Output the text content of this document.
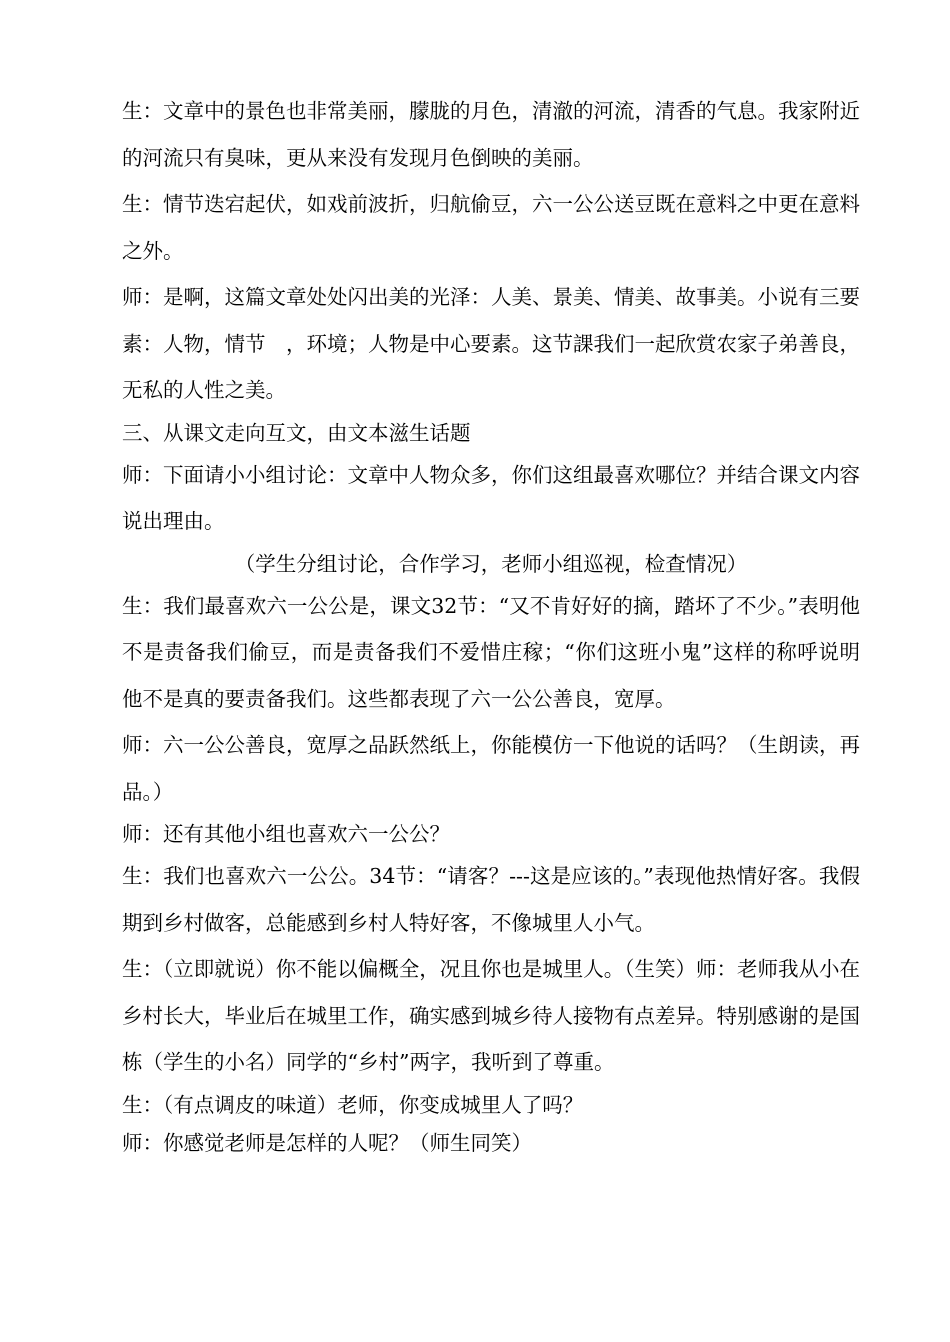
生：文章中的景色也非常美丽，朦胧的月色，清澈的河流，清香的气息。我家附近的河流只有臭味，更从来没有发现月色倒映的美丽。

生：情节迭宕起伏，如戏前波折，归航偷豆，六一公公送豆既在意料之中更在意料之外。

师：是啊，这篇文章处处闪出美的光泽：人美、景美、情美、故事美。小说有三要素：人物，情节　，环境；人物是中心要素。这节課我们一起欣赏农家子弟善良，无私的人性之美。

三、从课文走向互文，由文本滋生话题

师：下面请小小组讨论：文章中人物众多，你们这组最喜欢哪位？并结合课文内容说出理由。

（学生分组讨论，合作学习，老师小组巡视，检查情况）

生：我们最喜欢六一公公是，课文32节：“又不肯好好的摘，踏坏了不少。”表明他不是责备我们偷豆，而是责备我们不爱惜庄稼；“你们这班小鬼”这样的称呼说明他不是真的要责备我们。这些都表现了六一公公善良，宽厚。

师：六一公公善良，宽厚之品跃然纸上，你能模仿一下他说的话吗？（生朗读，再品。）

师：还有其他小组也喜欢六一公公？

生：我们也喜欢六一公公。34节：“请客？---这是应该的。”表现他热情好客。我假期到乡村做客，总能感到乡村人特好客，不像城里人小气。

生：（立即就说）你不能以偏概全，况且你也是城里人。（生笑）师：老师我从小在乡村长大，毕业后在城里工作，确实感到城乡待人接物有点差异。特别感谢的是国栋（学生的小名）同学的“乡村”两字，我听到了尊重。

生：（有点调皮的味道）老师，你变成城里人了吗？

师：你感觉老师是怎样的人呢？（师生同笑）
